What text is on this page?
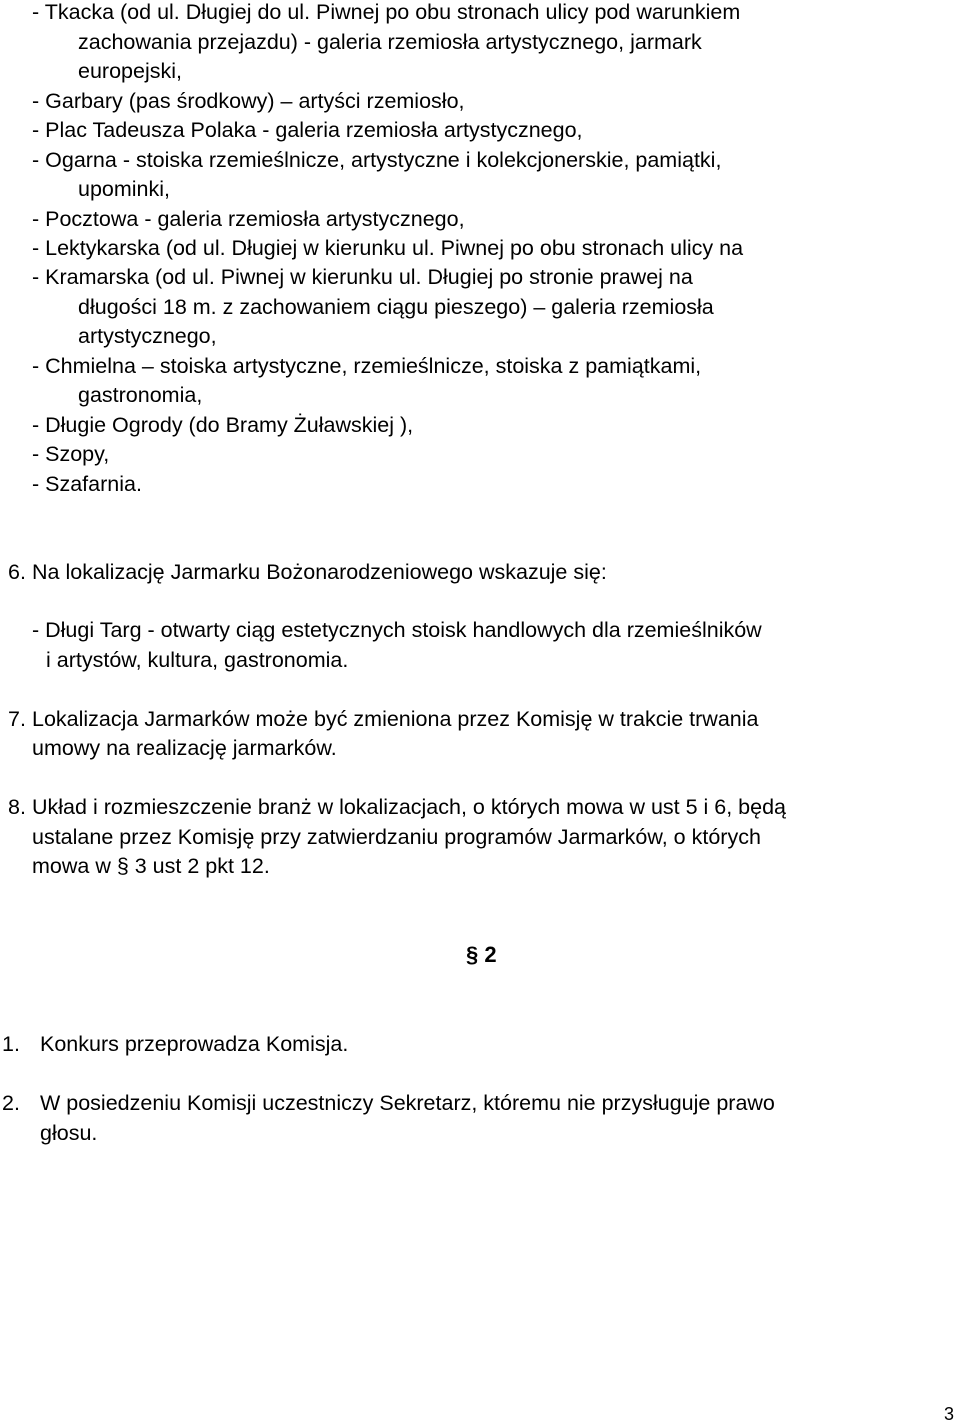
- Tkacka (od ul. Długiej do ul. Piwnej po obu stronach ulicy pod warunkiem
zachowania przejazdu) - galeria rzemiosła artystycznego, jarmark
europejski,
- Garbary (pas środkowy) – artyści rzemiosło,
- Plac Tadeusza Polaka - galeria rzemiosła artystycznego,
- Ogarna - stoiska rzemieślnicze, artystyczne i kolekcjonerskie, pamiątki,
upominki,
- Pocztowa - galeria rzemiosła artystycznego,
- Lektykarska (od ul. Długiej w kierunku ul. Piwnej po obu stronach ulicy na
- Kramarska (od ul. Piwnej w kierunku ul. Długiej po stronie prawej na
długości 18 m. z zachowaniem ciągu pieszego) – galeria rzemiosła
artystycznego,
- Chmielna – stoiska artystyczne, rzemieślnicze, stoiska z pamiątkami,
gastronomia,
- Długie Ogrody (do Bramy Żuławskiej ),
- Szopy,
- Szafarnia.
6. Na lokalizację Jarmarku Bożonarodzeniowego wskazuje się:
- Długi Targ - otwarty ciąg estetycznych stoisk handlowych dla rzemieślników
i artystów, kultura, gastronomia.
7. Lokalizacja Jarmarków może być zmieniona przez Komisję w trakcie trwania
umowy na realizację jarmarków.
8. Układ i rozmieszczenie branż w lokalizacjach, o których mowa w ust 5 i 6, będą
ustalane przez Komisję przy zatwierdzaniu programów Jarmarków, o których
mowa w § 3 ust 2 pkt 12.
§ 2
1. Konkurs przeprowadza Komisja.
2. W posiedzeniu Komisji uczestniczy Sekretarz, któremu nie przysługuje prawo
głosu.
3
